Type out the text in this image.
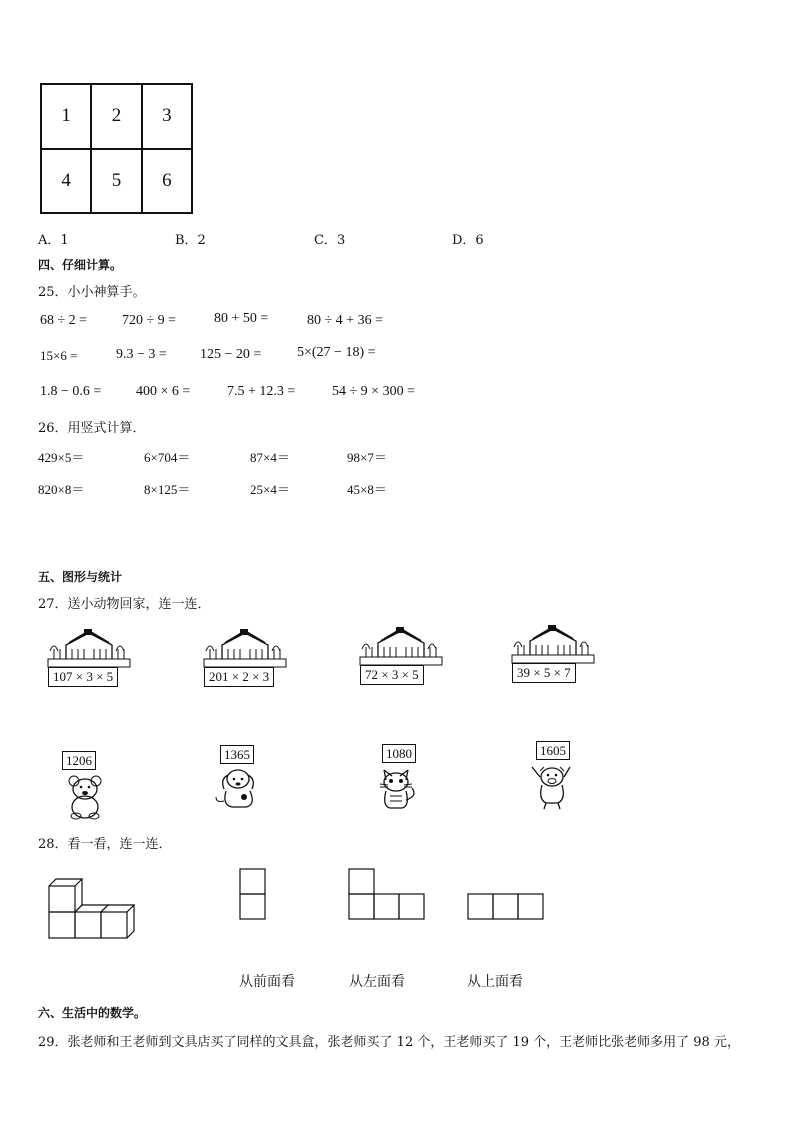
1	2	3
4	5	6
A．1	B．2	C．3	D．6
四、仔细计算。
25．小小神算手。
68 ÷ 2 = 720 ÷ 9 =	80 + 50 =	80 ÷ 4 + 36 =
15×6 =	9.3 − 3 = 125 − 20 =	5×(27 − 18) =
1.8 − 0.6 = 400 × 6 =	7.5 + 12.3 =	54 ÷ 9 × 300 =
26．用竖式计算．
429×5＝	6×704＝	87×4＝	98×7＝
820×8＝	8×125＝	25×4＝	45×8＝
五、图形与统计
27．送小动物回家，连一连．
107 × 3 × 5	201 × 2 × 3	72 × 3 × 5	39 × 5 × 7
1206	1365	1080	1605
28．看一看，连一连．
从前面看	从左面看	从上面看
六、生活中的数学。
29．张老师和王老师到文具店买了同样的文具盒，张老师买了 12 个，王老师买了 19 个，王老师比张老师多用了 98 元，
